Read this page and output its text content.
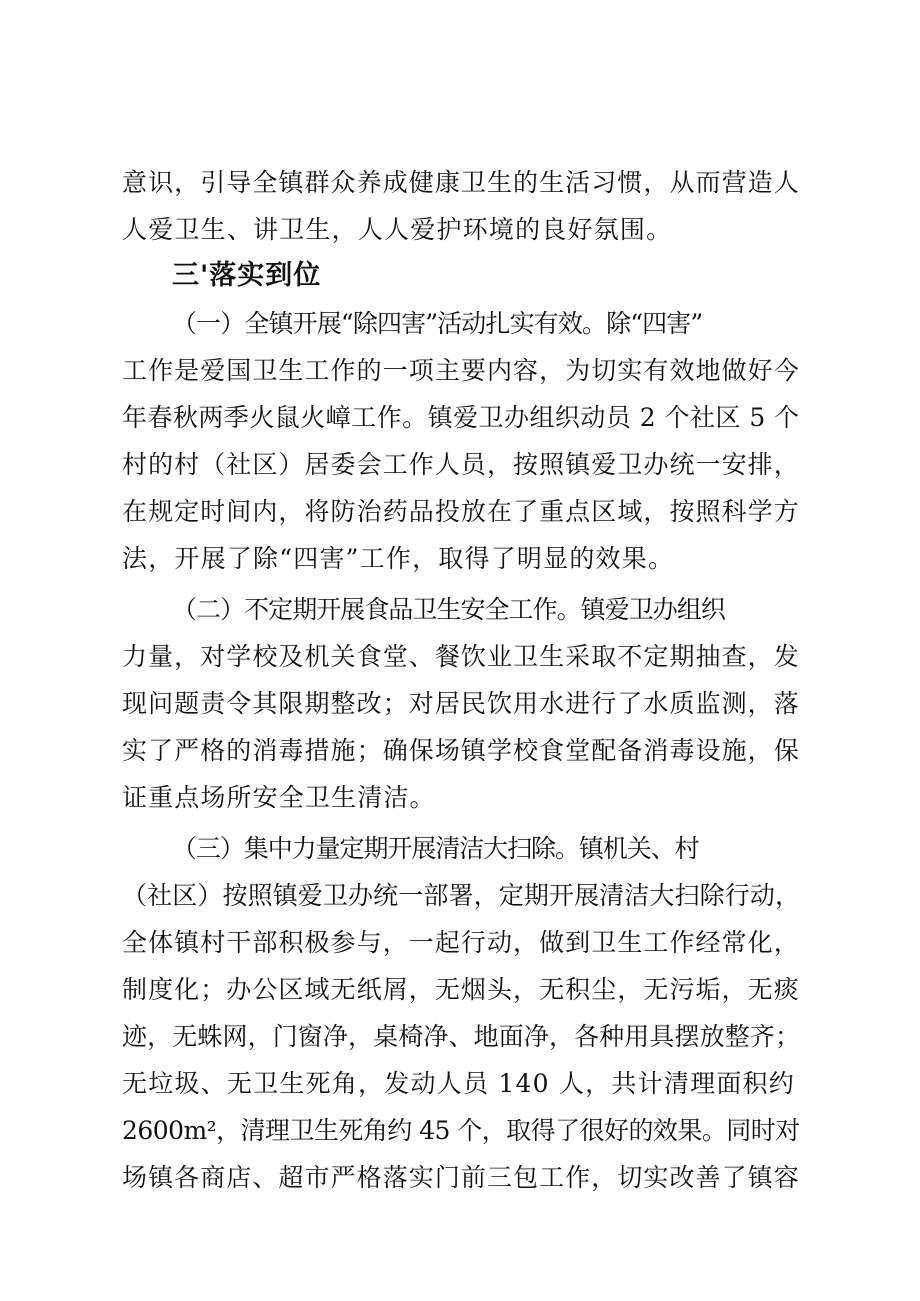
意识，引导全镇群众养成健康卫生的生活习惯，从而营造人
人爱卫生、讲卫生，人人爱护环境的良好氛围。
三'落实到位
（一）全镇开展“除四害”活动扎实有效。除“四害”
工作是爱国卫生工作的一项主要内容，为切实有效地做好今
年春秋两季火鼠火嶂工作。镇爱卫办组织动员 2 个社区 5 个
村的村（社区）居委会工作人员，按照镇爱卫办统一安排，
在规定时间内，将防治药品投放在了重点区域，按照科学方
法，开展了除“四害”工作，取得了明显的效果。
（二）不定期开展食品卫生安全工作。镇爱卫办组织
力量，对学校及机关食堂、餐饮业卫生采取不定期抽查，发
现问题责令其限期整改；对居民饮用水进行了水质监测，落
实了严格的消毒措施；确保场镇学校食堂配备消毒设施，保
证重点场所安全卫生清洁。
（三）集中力量定期开展清洁大扫除。镇机关、村
（社区）按照镇爱卫办统一部署，定期开展清洁大扫除行动，
全体镇村干部积极参与，一起行动，做到卫生工作经常化，
制度化；办公区域无纸屑，无烟头，无积尘，无污垢，无痰
迹，无蛛网，门窗净，桌椅净、地面净，各种用具摆放整齐；
无垃圾、无卫生死角，发动人员 140 人，共计清理面积约
2600m²，清理卫生死角约 45 个，取得了很好的效果。同时对
场镇各商店、超市严格落实门前三包工作，切实改善了镇容
